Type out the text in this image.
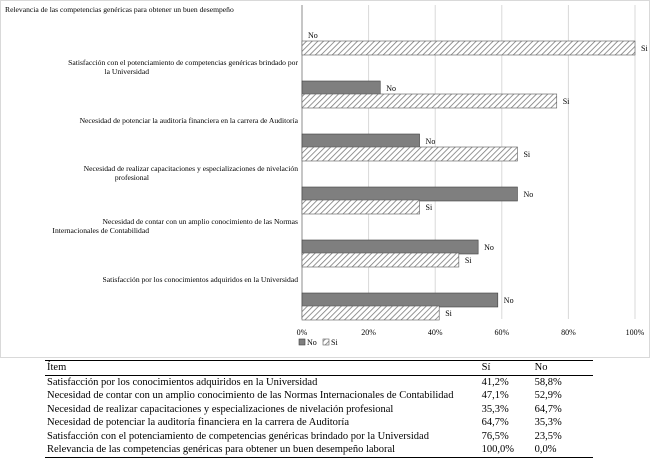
Relevancia de las competencias genéricas para obtener un buen desempeño
No
Si
Satisfacción con el potenciamiento de competencias genéricas brindado por
la Universidad
No
Si
Necesidad de potenciar la auditoría financiera en la carrera de Auditoría
No
Si
Necesidad de realizar capacitaciones y especializaciones de nivelación
profesional
No
Si
Necesidad de contar con un amplio conocimiento de las Normas
Internacionales de Contabilidad
No
Si
Satisfacción por los conocimientos adquiridos en la Universidad
No
Si
0%	20%	40%	60%	80%	100%
No Si
Ítem	Sí	No
Satisfacción por los conocimientos adquiridos en la Universidad	41,2%	58,8%
Necesidad de contar con un amplio conocimiento de las Normas Internacionales de Contabilidad	47,1%	52,9%
Necesidad de realizar capacitaciones y especializaciones de nivelación profesional	35,3%	64,7%
Necesidad de potenciar la auditoría financiera en la carrera de Auditoría	64,7%	35,3%
Satisfacción con el potenciamiento de competencias genéricas brindado por la Universidad	76,5%	23,5%
Relevancia de las competencias genéricas para obtener un buen desempeño laboral	100,0%	0,0%
